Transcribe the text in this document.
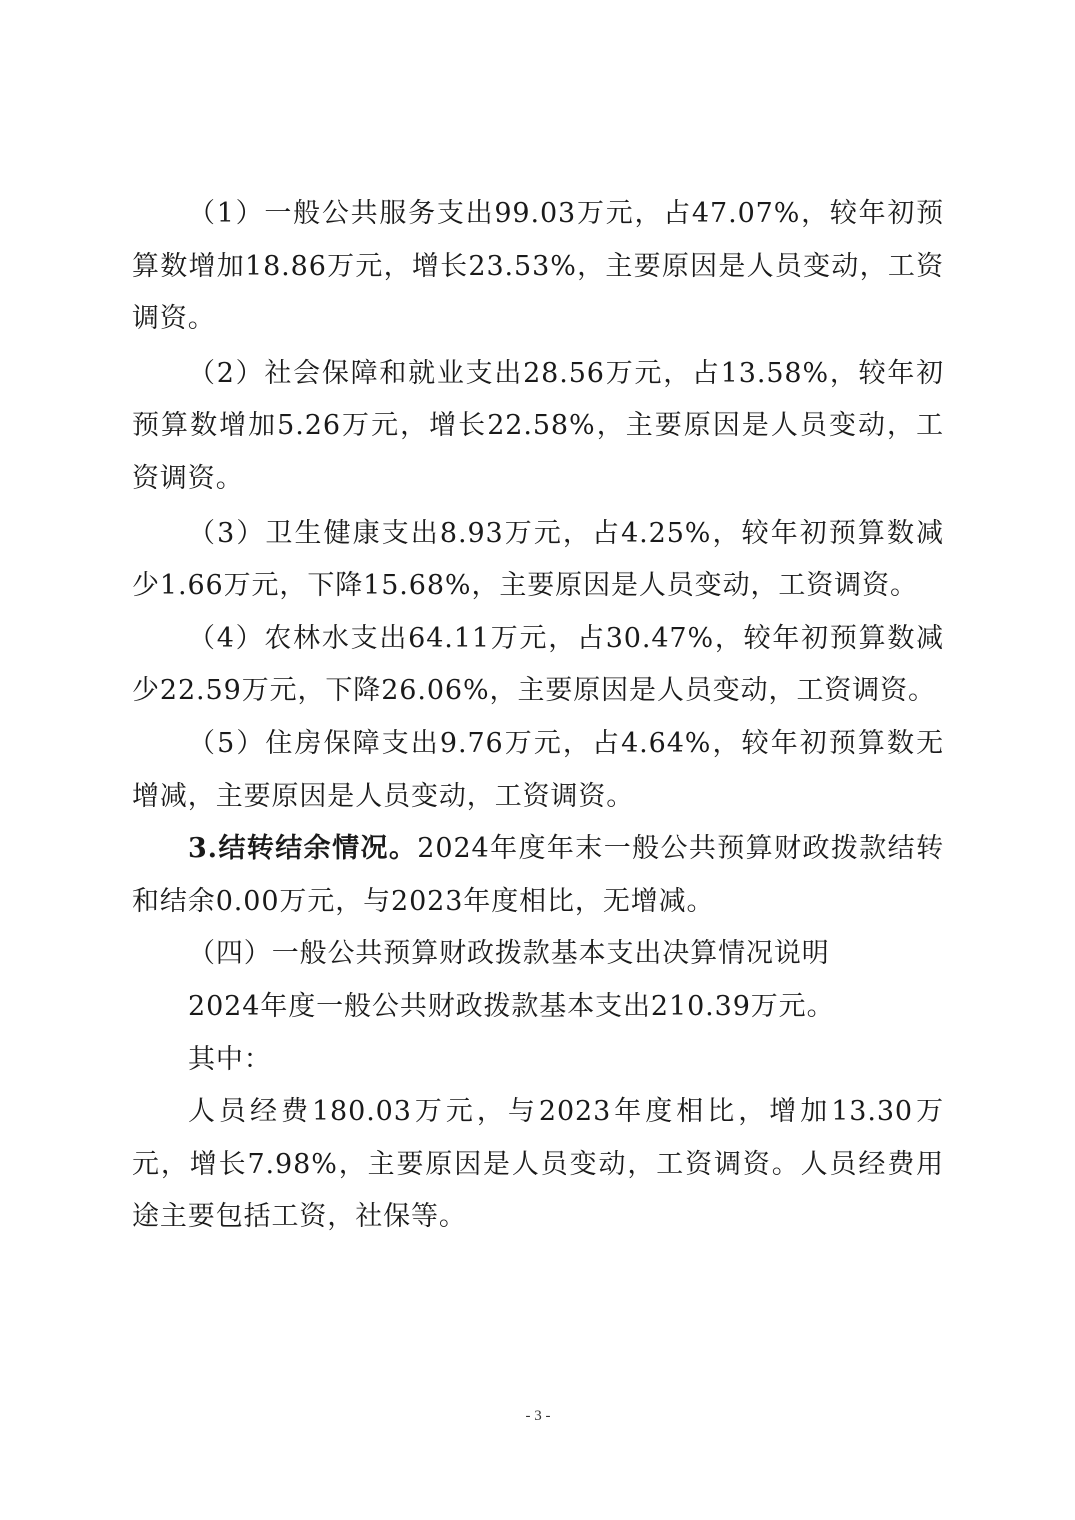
（1）一般公共服务支出99.03万元，占47.07%，较年初预算数增加18.86万元，增长23.53%，主要原因是人员变动，工资调资。

（2）社会保障和就业支出28.56万元，占13.58%，较年初预算数增加5.26万元，增长22.58%，主要原因是人员变动，工资调资。

（3）卫生健康支出8.93万元，占4.25%，较年初预算数减少1.66万元，下降15.68%，主要原因是人员变动，工资调资。

（4）农林水支出64.11万元，占30.47%，较年初预算数减少22.59万元，下降26.06%，主要原因是人员变动，工资调资。

（5）住房保障支出9.76万元，占4.64%，较年初预算数无增减，主要原因是人员变动，工资调资。

3.结转结余情况。2024年度年末一般公共预算财政拨款结转和结余0.00万元，与2023年度相比，无增减。

（四）一般公共预算财政拨款基本支出决算情况说明

2024年度一般公共财政拨款基本支出210.39万元。

其中：

人员经费180.03万元，与2023年度相比，增加13.30万元，增长7.98%，主要原因是人员变动，工资调资。人员经费用途主要包括工资，社保等。

- 3 -
